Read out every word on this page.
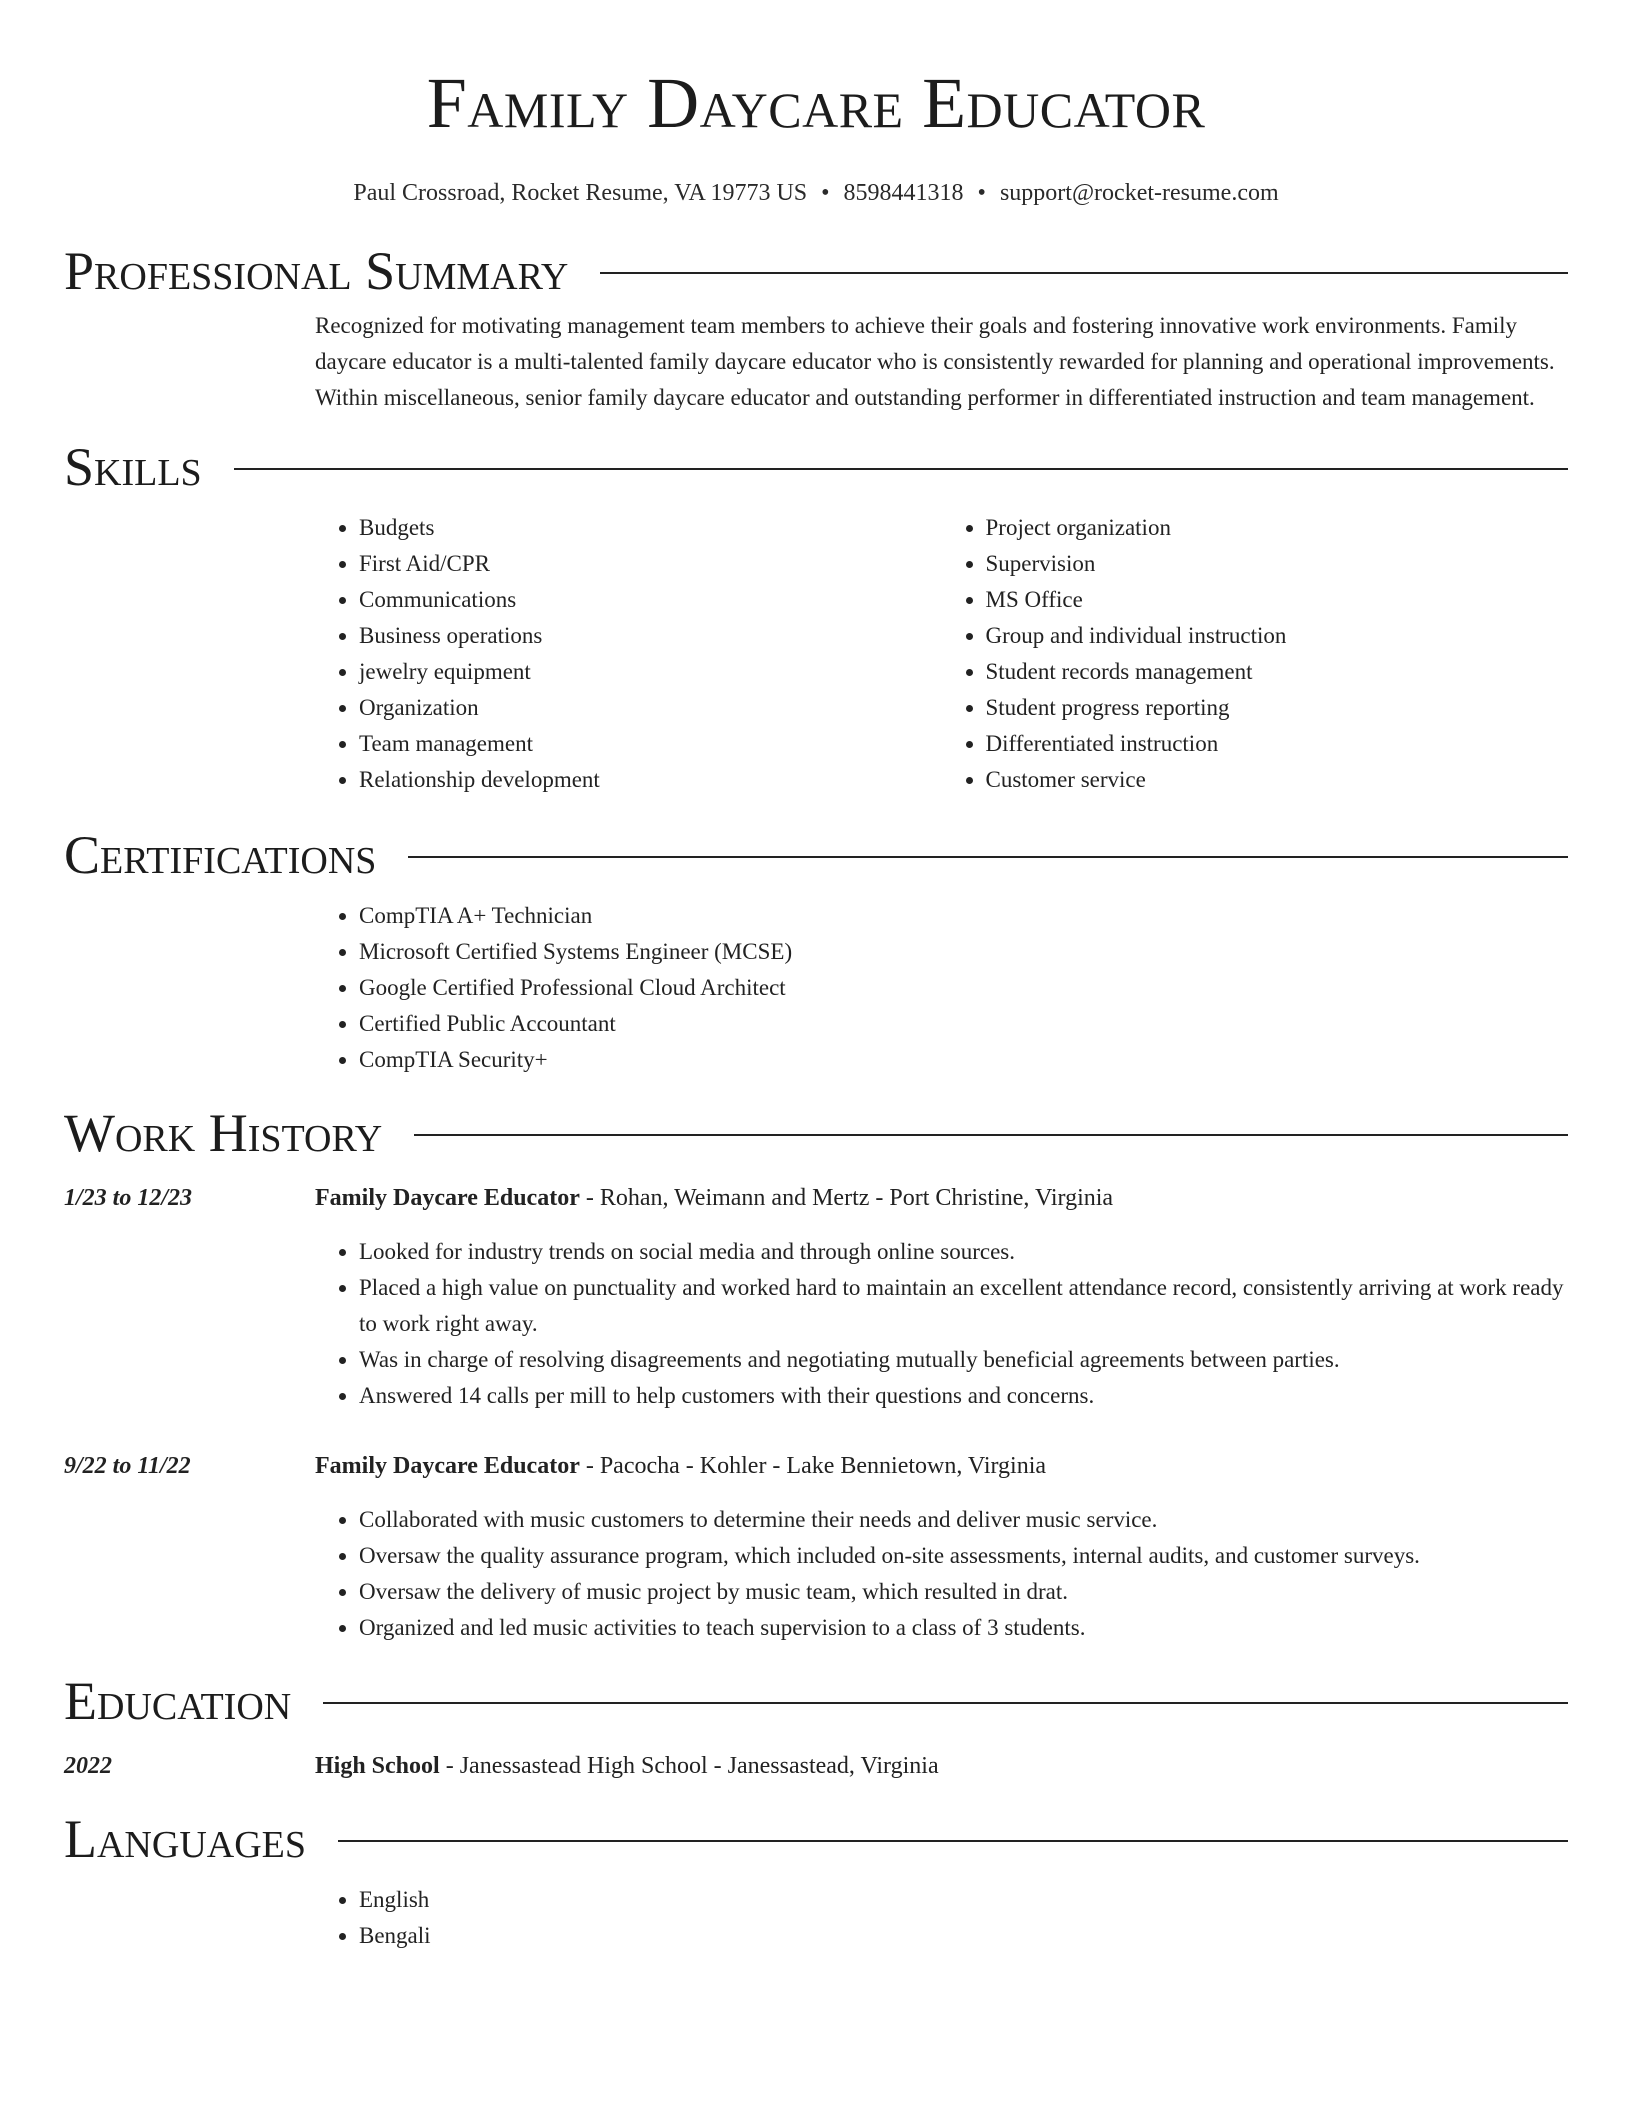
Family Daycare Educator
Paul Crossroad, Rocket Resume, VA 19773 US • 8598441318 • support@rocket-resume.com
Professional Summary

Recognized for motivating management team members to achieve their goals and fostering innovative work environments. Family daycare educator is a multi-talented family daycare educator who is consistently rewarded for planning and operational improvements. Within miscellaneous, senior family daycare educator and outstanding performer in differentiated instruction and team management.

Skills
• Budgets
• First Aid/CPR
• Communications
• Business operations
• jewelry equipment
• Organization
• Team management
• Relationship development
• Project organization
• Supervision
• MS Office
• Group and individual instruction
• Student records management
• Student progress reporting
• Differentiated instruction
• Customer service
Certifications
• CompTIA A+ Technician
• Microsoft Certified Systems Engineer (MCSE)
• Google Certified Professional Cloud Architect
• Certified Public Accountant
• CompTIA Security+
Work History
1/23 to 12/23	Family Daycare Educator - Rohan, Weimann and Mertz - Port Christine, Virginia
• Looked for industry trends on social media and through online sources.
• Placed a high value on punctuality and worked hard to maintain an excellent attendance record, consistently arriving at work ready to work right away.
• Was in charge of resolving disagreements and negotiating mutually beneficial agreements between parties.
• Answered 14 calls per mill to help customers with their questions and concerns.
9/22 to 11/22	Family Daycare Educator - Pacocha - Kohler - Lake Bennietown, Virginia
• Collaborated with music customers to determine their needs and deliver music service.
• Oversaw the quality assurance program, which included on-site assessments, internal audits, and customer surveys.
• Oversaw the delivery of music project by music team, which resulted in drat.
• Organized and led music activities to teach supervision to a class of 3 students.
Education
2022	High School - Janessastead High School - Janessastead, Virginia
Languages
• English
• Bengali
